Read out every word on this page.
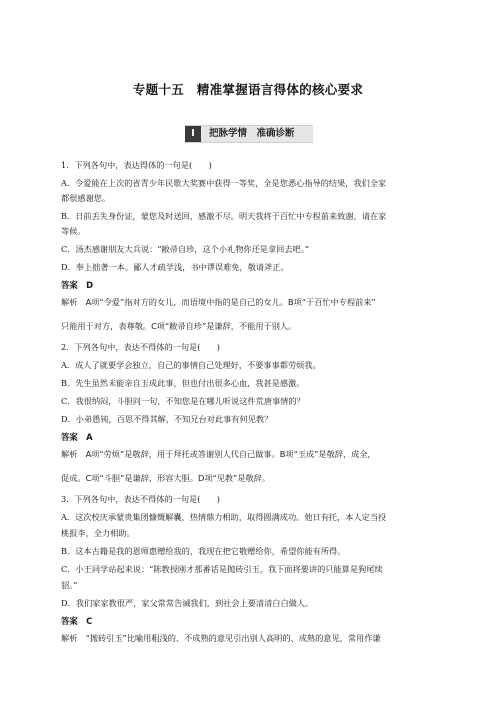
专题十五　精准掌握语言得体的核心要求
Ⅰ	把脉学情　准确诊断
1．下列各句中，表达得体的一句是(　　)
A．令爱能在上次的省青少年民歌大奖赛中获得一等奖，全是您悉心指导的结果，我们全家
都很感谢您。
B．日前丢失身份证，蒙您及时送回，感激不尽。明天我将于百忙中专程前来致谢，请在家
等候。
C．汤杰感谢朋友大兵说：“敝帚自珍，这个小礼物你还是拿回去吧。”
D．奉上拙著一本。鄙人才疏学浅，书中谬误难免，敬请斧正。
答案　D
解析　A项“令爱”指对方的女儿，而语境中指的是自己的女儿。B项“于百忙中专程前来”
只能用于对方，表尊敬。C项“敝帚自珍”是谦辞，不能用于别人。
2．下列各句中，表达不得体的一句是(　　)
A．成人了就要学会独立，自己的事情自己处理好，不要事事都劳烦我。
B．先生虽然未能亲自玉成此事，但也付出很多心血，我甚是感激。
C．我很纳闷，斗胆问一句，不知您是在哪儿听说这件荒唐事情的？
D．小弟愚钝，百思不得其解，不知兄台对此事有何见教？
答案　A
解析　A项“劳烦”是敬辞，用于拜托或答谢别人代自己做事。B项“玉成”是敬辞，成全，
促成。C项“斗胆”是谦辞，形容大胆。D项“见教”是敬辞。
3．下列各句中，表达不得体的一句是(　　)
A．这次校庆承蒙贵集团慷慨解囊，热情鼎力相助，取得圆满成功。他日有托，本人定当投
桃报李，全力相助。
B．这本古籍是我的恩师惠赠给我的，我现在把它敬赠给你，希望你能有所得。
C．小王同学站起来说：“陈教授刚才那番话是抛砖引玉，我下面将要讲的只能算是狗尾续
貂。”
D．我们家家教很严，家父常常告诫我们，到社会上要清清白白做人。
答案　C
解析　“抛砖引玉”比喻用粗浅的、不成熟的意见引出别人高明的、成熟的意见，常用作谦
